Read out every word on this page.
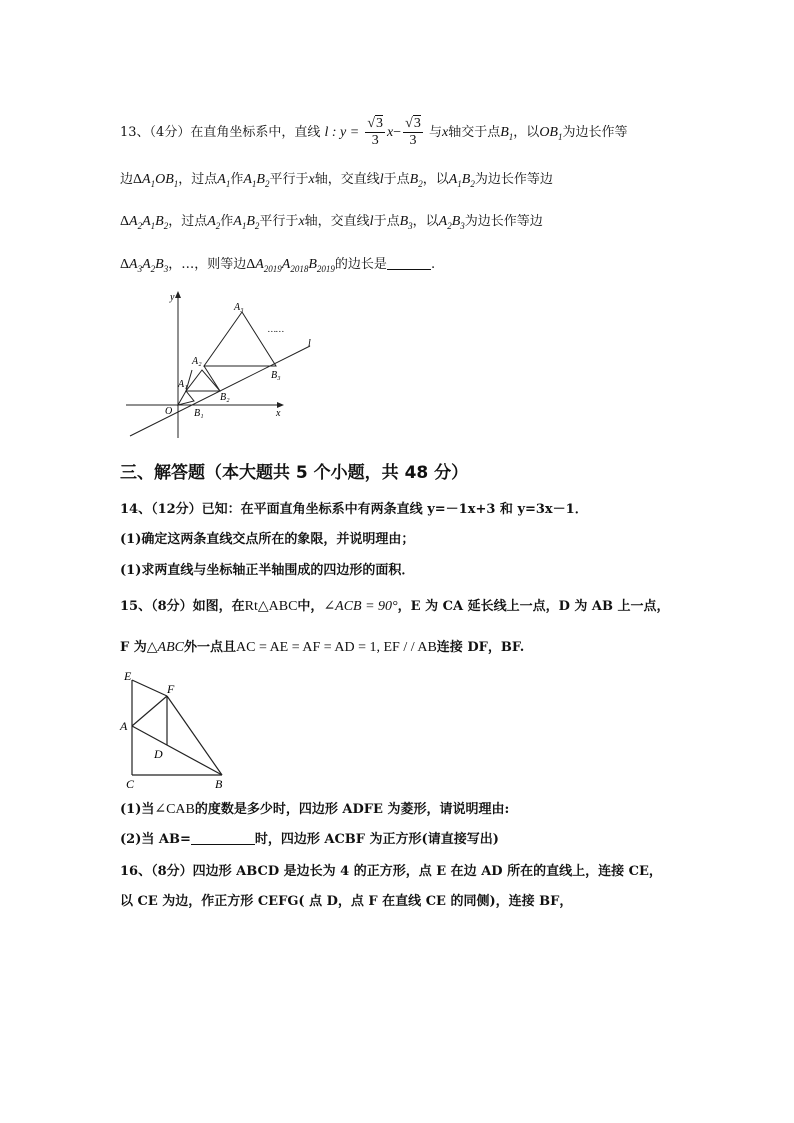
13、（4分）在直角坐标系中，直线 l : $y = \frac{√3}{3} x- \frac{√3}{3}$ 与x轴交于点$B_1$，以$OB_1$为边长作等
边$\Delta A_1OB_1$，过点$A_1$作$A_1B_2$平行于x轴，交直线l于点$B_2$，以$A_1B_2$为边长作等边
$\Delta A_2A_1B_2$，过点$A_2$作$A_1B_2$平行于x轴，交直线l于点$B_3$，以$A_2B_3$为边长作等边
$\Delta A_3A_2B_3$，…，则等边$\Delta A_{2019}A_{2018}B_{2019}$的边长是	.
y
x
O
l
A₁
A₂
A₃
B₁
B₂
B₃
……
三、解答题（本大题共 5 个小题，共 48 分）
14、（12分）已知：在平面直角坐标系中有两条直线 y=－1x+3 和 y=3x－1．
(1)确定这两条直线交点所在的象限，并说明理由；
(1)求两直线与坐标轴正半轴围成的四边形的面积．
15、（8分）如图，在Rt△ABC中，∠ACB = 90°，E 为 CA 延长线上一点，D 为 AB 上一点，
F 为△ABC外一点且AC = AE = AF = AD = 1, EF / / AB连接 DF，BF.
E
F
A
D
C	B
(1)当∠CAB的度数是多少时，四边形 ADFE 为菱形，请说明理由:
(2)当 AB=	时，四边形 ACBF 为正方形(请直接写出)
16、（8分）四边形 ABCD 是边长为 4 的正方形，点 E 在边 AD 所在的直线上，连接 CE，
以 CE 为边，作正方形 CEFG( 点 D，点 F 在直线 CE 的同侧)，连接 BF，
